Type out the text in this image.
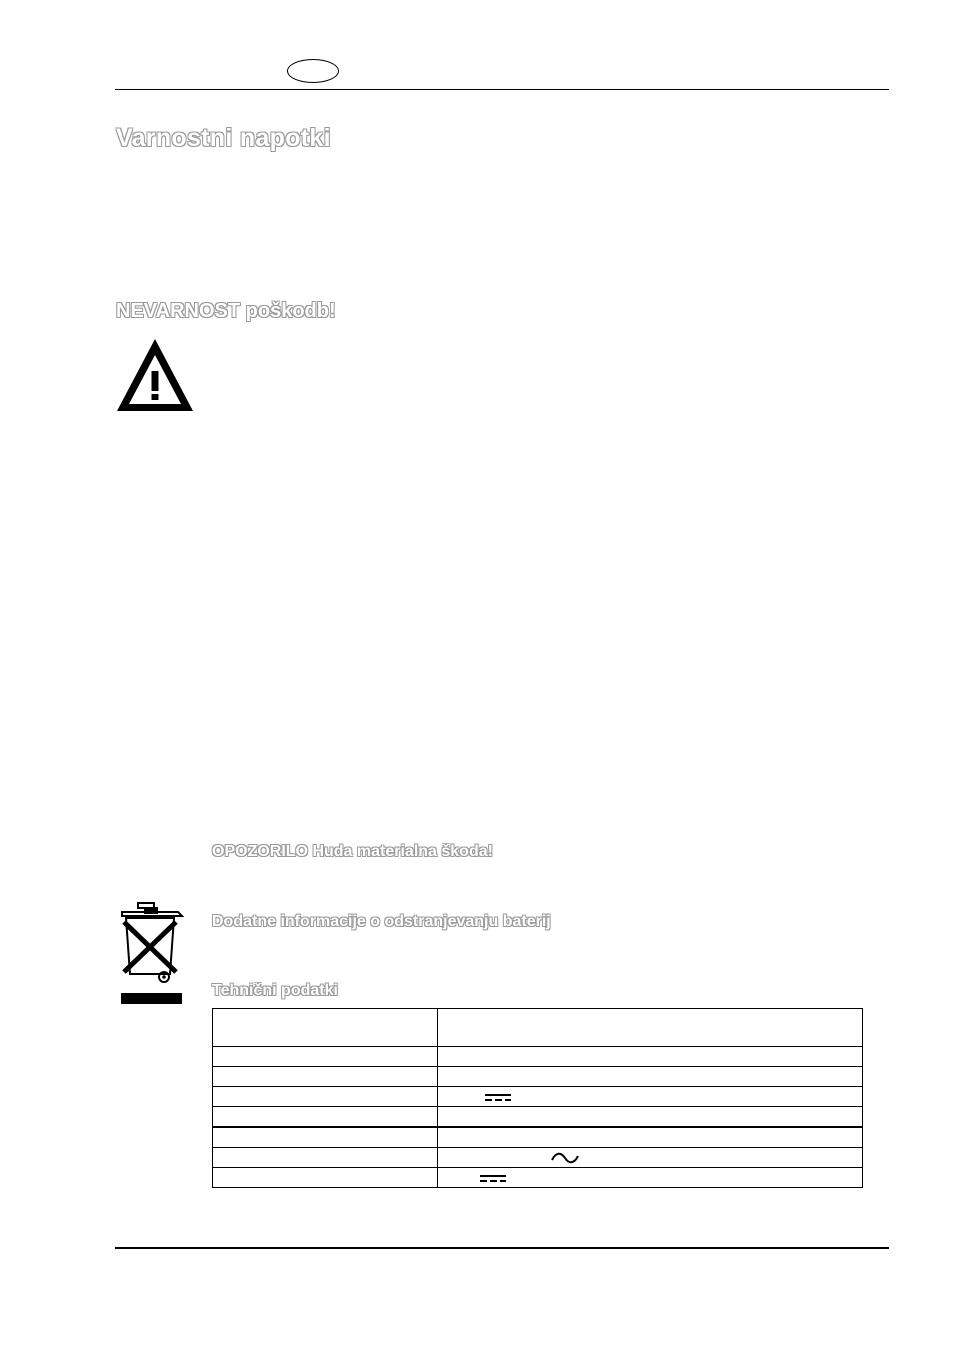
Varnostni napotki
NEVARNOST poškodb!
OPOZORILO Huda materialna škoda!
Dodatne informacije o odstranjevanju baterij
Tehnični podatki
